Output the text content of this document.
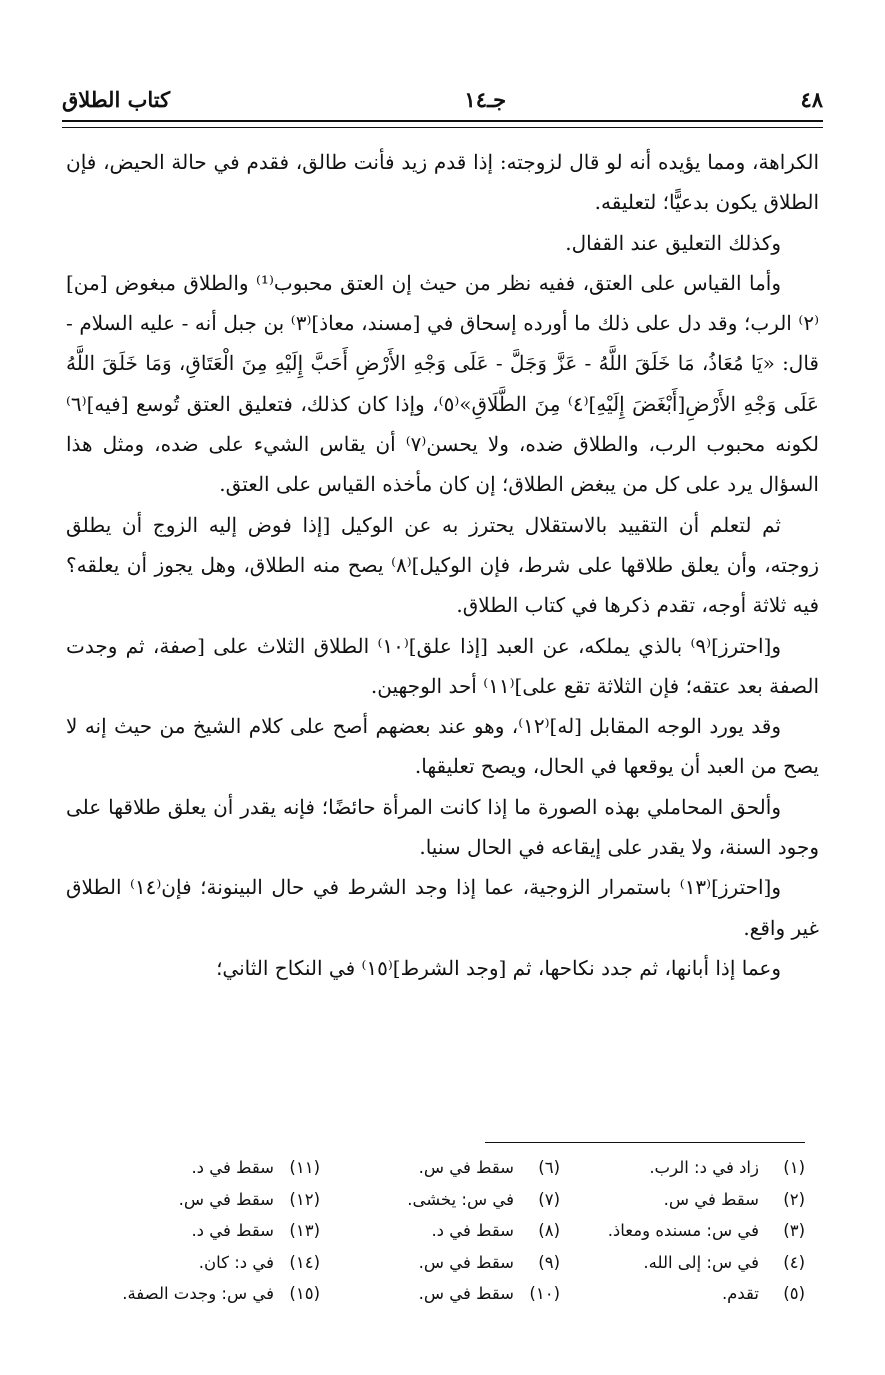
٤٨
جـ١٤
كتاب الطلاق

الكراهة، ومما يؤيده أنه لو قال لزوجته: إذا قدم زيد فأنت طالق، فقدم في حالة الحيض، فإن الطلاق يكون بدعيًّا؛ لتعليقه.

وكذلك التعليق عند القفال.

وأما القياس على العتق، ففيه نظر من حيث إن العتق محبوب⁽¹⁾ والطلاق مبغوض [من]⁽٢⁾ الرب؛ وقد دل على ذلك ما أورده إسحاق في [مسند، معاذ]⁽٣⁾ بن جبل أنه - عليه السلام - قال: «يَا مُعَاذُ، مَا خَلَقَ اللَّهُ - عَزَّ وَجَلَّ - عَلَى وَجْهِ الأَرْضِ أَحَبَّ إِلَيْهِ مِنَ الْعَتَاقِ، وَمَا خَلَقَ اللَّهُ عَلَى وَجْهِ الأَرْضِ[أَبْغَضَ إِلَيْهِ]⁽٤⁾ مِنَ الطَّلَاقِ»⁽٥⁾، وإذا كان كذلك، فتعليق العتق تُوسع [فيه]⁽٦⁾ لكونه محبوب الرب، والطلاق ضده، ولا يحسن⁽٧⁾ أن يقاس الشيء على ضده، ومثل هذا السؤال يرد على كل من يبغض الطلاق؛ إن كان مأخذه القياس على العتق.

ثم لتعلم أن التقييد بالاستقلال يحترز به عن الوكيل [إذا فوض إليه الزوج أن يطلق زوجته، وأن يعلق طلاقها على شرط، فإن الوكيل]⁽٨⁾ يصح منه الطلاق، وهل يجوز أن يعلقه؟ فيه ثلاثة أوجه، تقدم ذكرها في كتاب الطلاق.

و[احترز]⁽٩⁾ بالذي يملكه، عن العبد [إذا علق]⁽١٠⁾ الطلاق الثلاث على [صفة، ثم وجدت الصفة بعد عتقه؛ فإن الثلاثة تقع على]⁽١١⁾ أحد الوجهين.

وقد يورد الوجه المقابل [له]⁽١٢⁾، وهو عند بعضهم أصح على كلام الشيخ من حيث إنه لا يصح من العبد أن يوقعها في الحال، ويصح تعليقها.

وألحق المحاملي بهذه الصورة ما إذا كانت المرأة حائضًا؛ فإنه يقدر أن يعلق طلاقها على وجود السنة، ولا يقدر على إيقاعه في الحال سنيا.

و[احترز]⁽١٣⁾ باستمرار الزوجية، عما إذا وجد الشرط في حال البينونة؛ فإن⁽١٤⁾ الطلاق غير واقع.

وعما إذا أبانها، ثم جدد نكاحها، ثم [وجد الشرط]⁽١٥⁾ في النكاح الثاني؛

(١)
زاد في د: الرب.
(٢)
سقط في س.
(٣)
في س: مسنده ومعاذ.
(٤)
في س: إلى الله.
(٥)
تقدم.
(٦)
سقط في س.
(٧)
في س: يخشى.
(٨)
سقط في د.
(٩)
سقط في س.
(١٠)
سقط في س.
(١١)
سقط في د.
(١٢)
سقط في س.
(١٣)
سقط في د.
(١٤)
في د: كان.
(١٥)
في س: وجدت الصفة.
